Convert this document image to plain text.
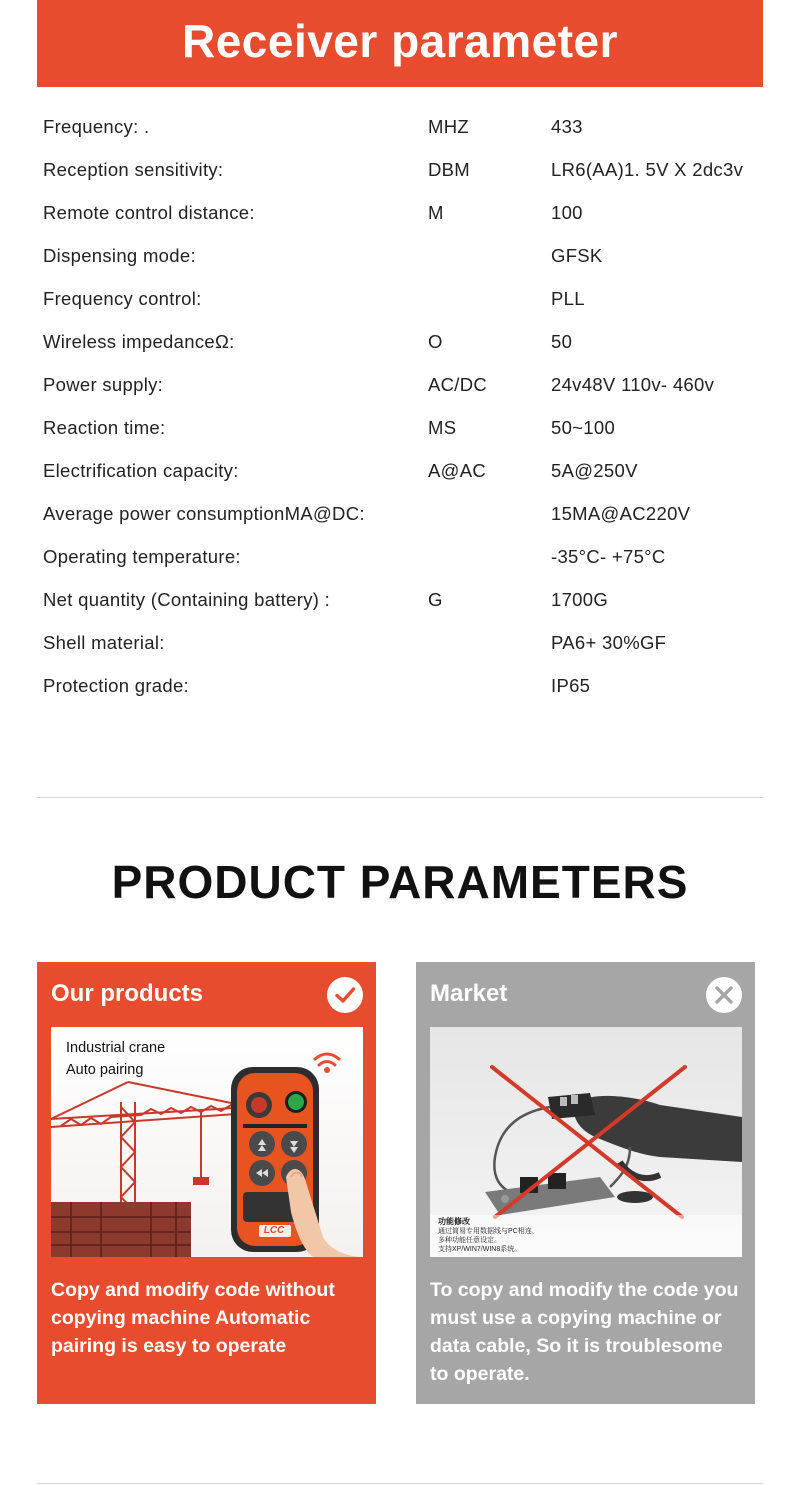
Receiver parameter
Frequency: .	MHZ	433
Reception sensitivity:	DBM	LR6(AA)1. 5V X 2dc3v
Remote control distance:	M	100
Dispensing mode:	GFSK
Frequency control:	PLL
Wireless impedanceΩ:	O	50
Power supply:	AC/DC	24v48V 110v- 460v
Reaction time:	MS	50~100
Electrification capacity:	A@AC	5A@250V
Average power consumptionMA@DC:	15MA@AC220V
Operating temperature:	-35°C- +75°C
Net quantity (Containing battery) :	G	1700G
Shell material:	PA6+ 30%GF
Protection grade:	IP65
PRODUCT PARAMETERS
Our products
Industrial crane
Auto pairing
LCC
Copy and modify code without copying machine Automatic pairing is easy to operate
Market
功能修改
通过简易专用数据线与PC相连，
多种功能任意设定。
支持XP/WIN7/WIN8系统。
To copy and modify the code you must use a copying machine or data cable, So it is troublesome to operate.
